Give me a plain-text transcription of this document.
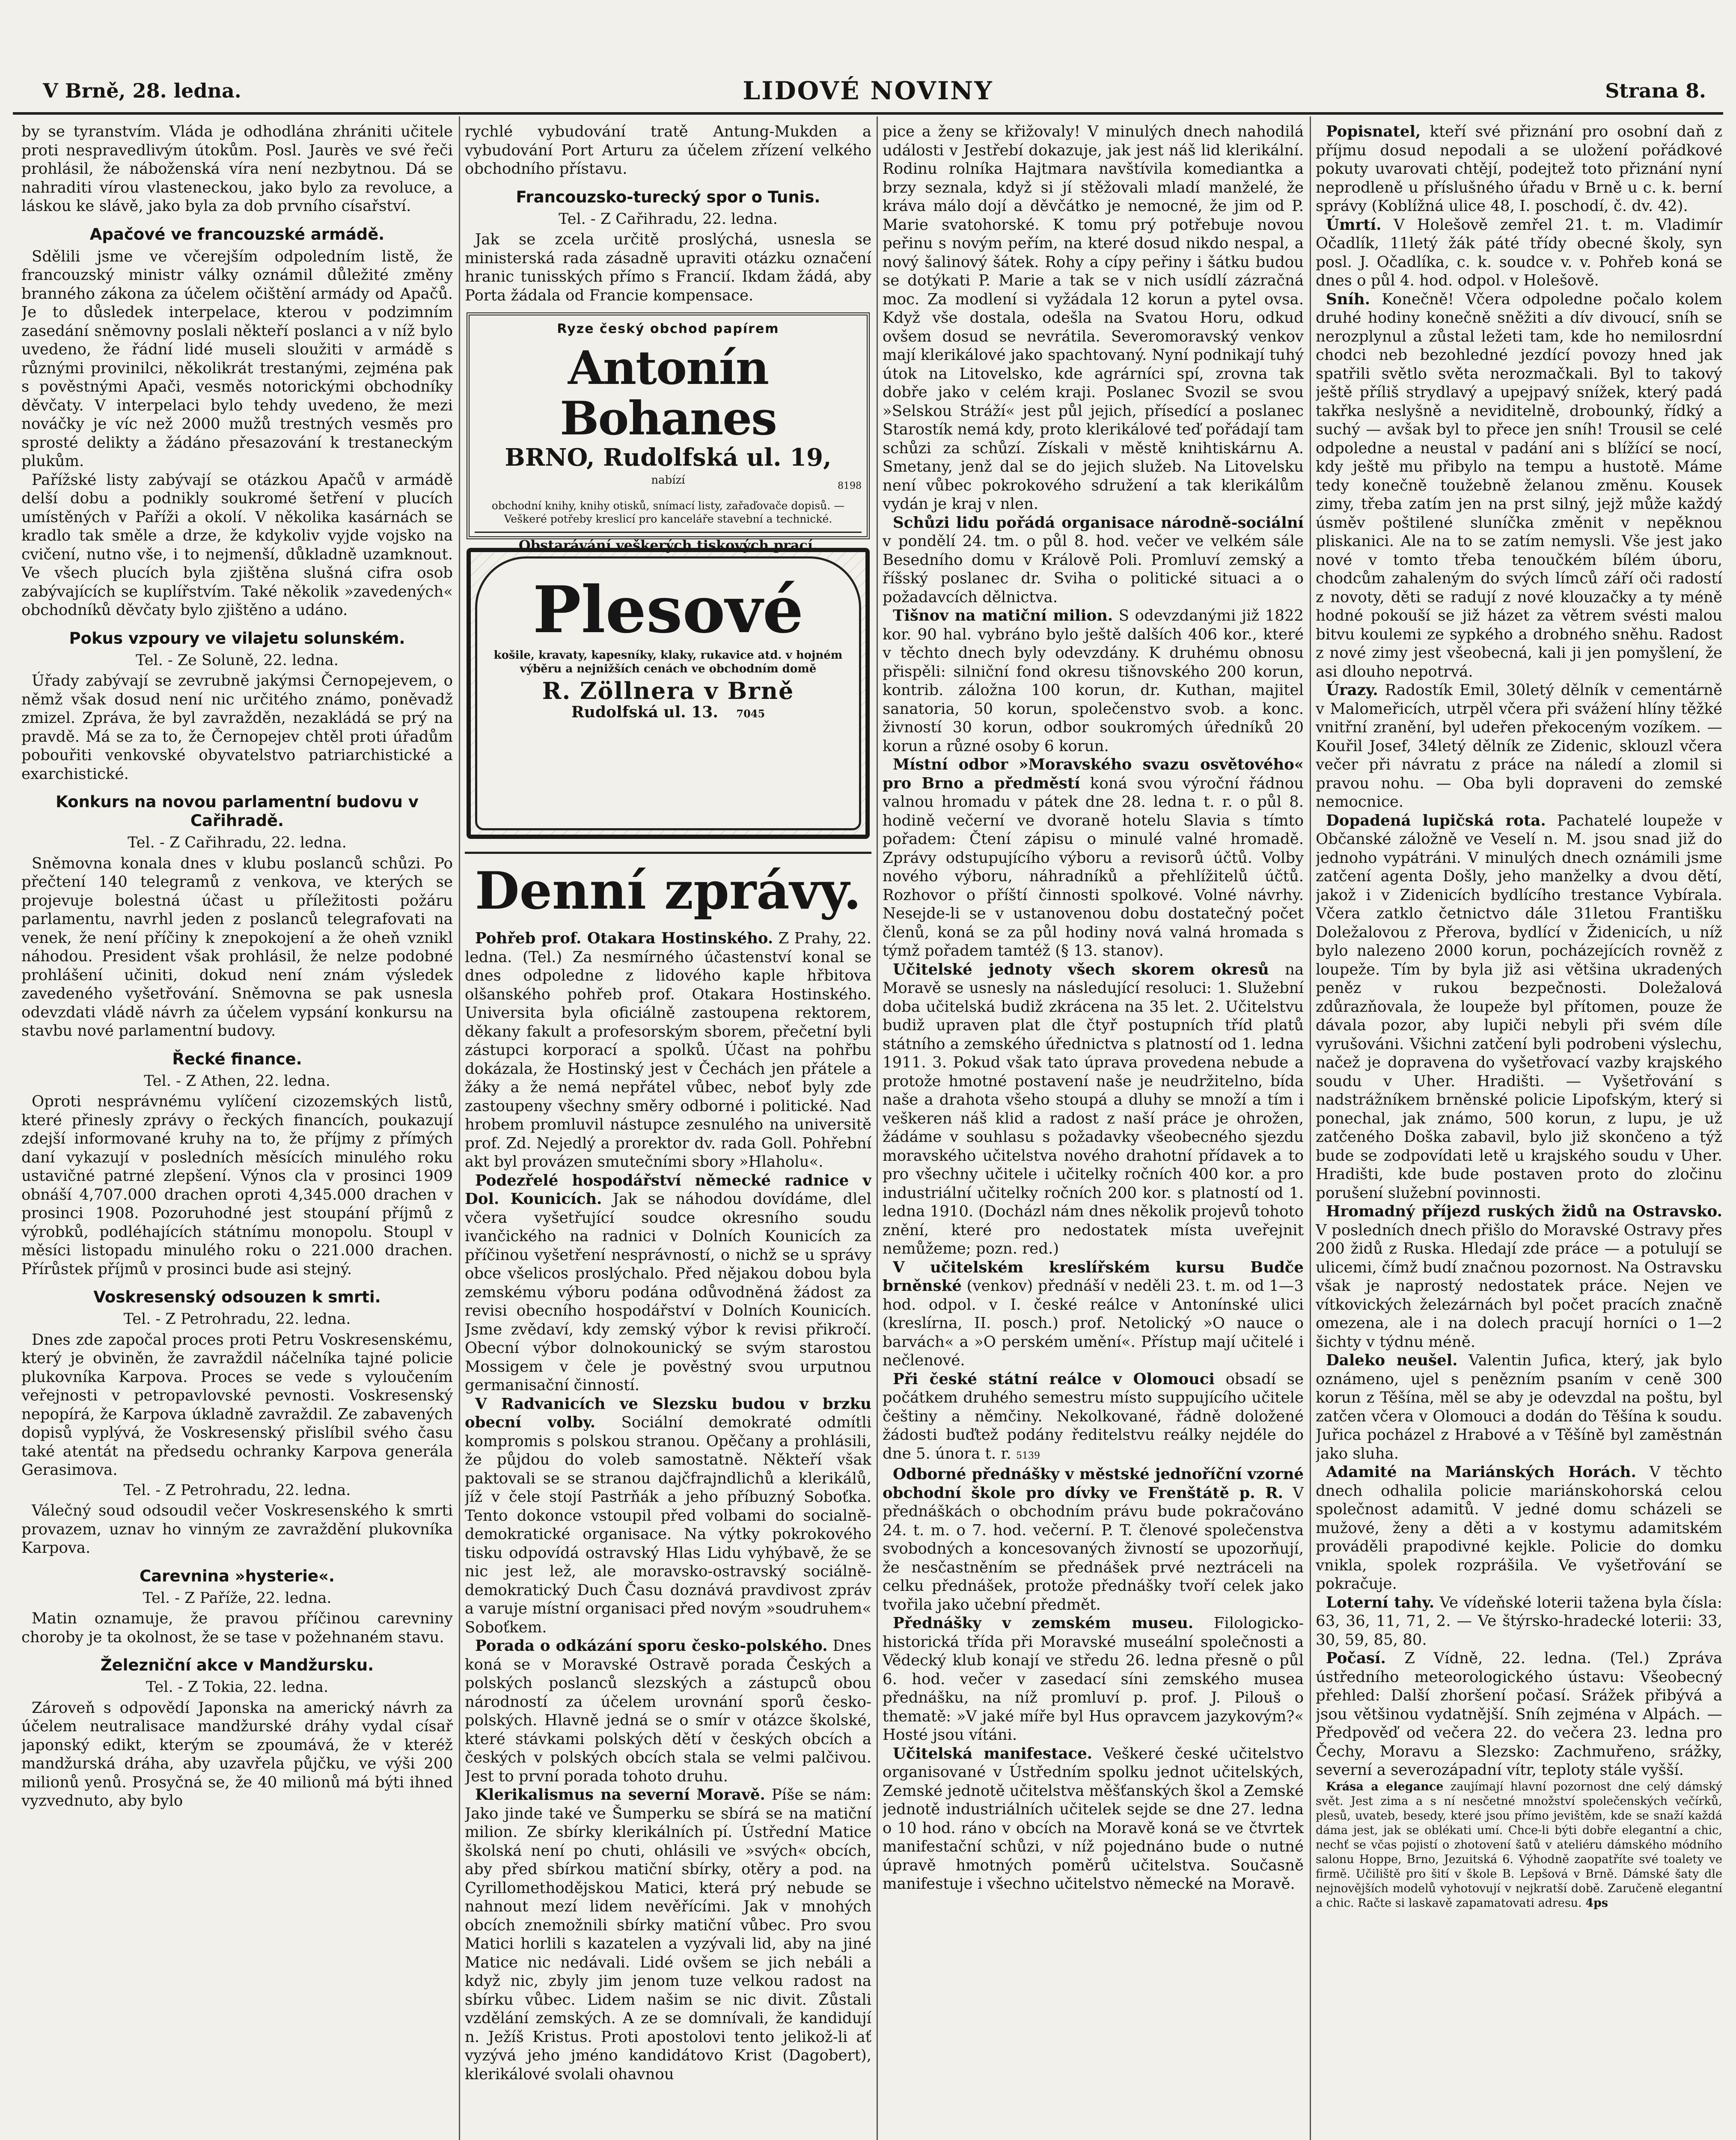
V Brně, 28. ledna.	LIDOVÉ NOVINY	Strana 8.

by se tyranstvím. Vláda je odhodlána zhrániti učitele proti nespravedlivým útokům. Posl. Jaurès ve své řeči prohlásil, že náboženská víra není nezbytnou. Dá se nahraditi vírou vlasteneckou, jako bylo za revoluce, a láskou ke slávě, jako byla za dob prvního císařství.

Apačové ve francouzské armádě.

Sdělili jsme ve včerejším odpoledním listě, že francouzský ministr války oznámil důležité změny branného zákona za účelem očištění armády od Apačů. Je to důsledek interpelace, kterou v podzimním zasedání sněmovny poslali někteří poslanci a v níž bylo uvedeno, že řádní lidé museli sloužiti v armádě s různými provinilci, několikrát trestanými, zejména pak s pověstnými Apači, vesměs notorickými obchodníky děvčaty. V interpelaci bylo tehdy uvedeno, že mezi nováčky je víc než 2000 mužů trestných vesměs pro sprosté delikty a žádáno přesazování k trestaneckým plukům.

Pařížské listy zabývají se otázkou Apačů v armádě delší dobu a podnikly soukromé šetření v plucích umístěných v Paříži a okolí. V několika kasárnách se kradlo tak směle a drze, že kdykoliv vyjde vojsko na cvičení, nutno vše, i to nejmenší, důkladně uzamknout. Ve všech plucích byla zjištěna slušná cifra osob zabývajících se kuplířstvím. Také několik »zavedených« obchodníků děvčaty bylo zjištěno a udáno.

Pokus vzpoury ve vilajetu solunském.
Tel. - Ze Soluně, 22. ledna.

Úřady zabývají se zevrubně jakýmsi Černopejevem, o němž však dosud není nic určitého známo, poněvadž zmizel. Zpráva, že byl zavražděn, nezakládá se prý na pravdě. Má se za to, že Černopejev chtěl proti úřadům pobouřiti venkovské obyvatelstvo patriarchistické a exarchistické.

Konkurs na novou parlamentní budovu v Cařihradě.
Tel. - Z Cařihradu, 22. ledna.

Sněmovna konala dnes v klubu poslanců schůzi. Po přečtení 140 telegramů z venkova, ve kterých se projevuje bolestná účast u příležitosti požáru parlamentu, navrhl jeden z poslanců telegrafovati na venek, že není příčiny k znepokojení a že oheň vznikl náhodou. President však prohlásil, že nelze podobné prohlášení učiniti, dokud není znám výsledek zavedeného vyšetřování. Sněmovna se pak usnesla odevzdati vládě návrh za účelem vypsání konkursu na stavbu nové parlamentní budovy.

Řecké finance.
Tel. - Z Athen, 22. ledna.

Oproti nesprávnému vylíčení cizozemských listů, které přinesly zprávy o řeckých financích, poukazují zdejší informované kruhy na to, že příjmy z přímých daní vykazují v posledních měsících minulého roku ustavičné patrné zlepšení. Výnos cla v prosinci 1909 obnáší 4,707.000 drachen oproti 4,345.000 drachen v prosinci 1908. Pozoruhodné jest stoupání příjmů z výrobků, podléhajících státnímu monopolu. Stoupl v měsíci listopadu minulého roku o 221.000 drachen. Přírůstek příjmů v prosinci bude asi stejný.

Voskresenský odsouzen k smrti.
Tel. - Z Petrohradu, 22. ledna.

Dnes zde započal proces proti Petru Voskresenskému, který je obviněn, že zavraždil náčelníka tajné policie plukovníka Karpova. Proces se vede s vyloučením veřejnosti v petropavlovské pevnosti. Voskresenský nepopírá, že Karpova úkladně zavraždil. Ze zabavených dopisů vyplývá, že Voskresenský přislíbil svého času také atentát na předsedu ochranky Karpova generála Gerasimova.

Tel. - Z Petrohradu, 22. ledna.

Válečný soud odsoudil večer Voskresenského k smrti provazem, uznav ho vinným ze zavraždění plukovníka Karpova.

Carevnina »hysterie«.
Tel. - Z Paříže, 22. ledna.

Matin oznamuje, že pravou příčinou carevniny choroby je ta okolnost, že se tase v požehnaném stavu.

Železniční akce v Mandžursku.
Tel. - Z Tokia, 22. ledna.

Zároveň s odpovědí Japonska na americký návrh za účelem neutralisace mandžurské dráhy vydal císař japonský edikt, kterým se zpoumává, že v kteréž mandžurská dráha, aby uzavřela půjčku, ve výši 200 milionů yenů. Prosyčná se, že 40 milionů má býti ihned vyzvednuto, aby bylo

rychlé vybudování tratě Antung-Mukden a vybudování Port Arturu za účelem zřízení velkého obchodního přístavu.

Francouzsko-turecký spor o Tunis.
Tel. - Z Cařihradu, 22. ledna.

Jak se zcela určitě proslýchá, usnesla se ministerská rada zásadně upraviti otázku označení hranic tunisských přímo s Francií. Ikdam žádá, aby Porta žádala od Francie kompensace.

Ryze český obchod papírem
Antonín Bohanes
BRNO, Rudolfská ul. 19,
nabízí	8198
obchodní knihy, knihy otisků, snímací listy, zařaďovače dopisů. — Veškeré potřeby kreslicí pro kanceláře stavební a technické.
Obstarávání veškerých tiskových prací.
Plesové
košile, kravaty, kapesníky, klaky, rukavice atd. v hojném výběru a nejnižších cenách ve obchodním domě
R. Zöllnera v Brně
Rudolfská ul. 13. 7045
Denní zprávy.

Pohřeb prof. Otakara Hostinského. Z Prahy, 22. ledna. (Tel.) Za nesmírného účastenství konal se dnes odpoledne z lidového kaple hřbitova olšanského pohřeb prof. Otakara Hostinského. Universita byla oficiálně zastoupena rektorem, děkany fakult a profesorským sborem, přečetní byli zástupci korporací a spolků. Účast na pohřbu dokázala, že Hostinský jest v Čechách jen přátele a žáky a že nemá nepřátel vůbec, neboť byly zde zastoupeny všechny směry odborné i politické. Nad hrobem promluvil nástupce zesnulého na universitě prof. Zd. Nejedlý a prorektor dv. rada Goll. Pohřební akt byl provázen smutečními sbory »Hlaholu«.

Podezřelé hospodářství německé radnice v Dol. Kounicích. Jak se náhodou dovídáme, dlel včera vyšetřující soudce okresního soudu ivančického na radnici v Dolních Kounicích za příčinou vyšetření nesprávností, o nichž se u správy obce všelicos proslýchalo. Před nějakou dobou byla zemskému výboru podána odůvodněná žádost za revisi obecního hospodářství v Dolních Kounicích. Jsme zvědaví, kdy zemský výbor k revisi přikročí. Obecní výbor dolnokounický se svým starostou Mossigem v čele je pověstný svou urputnou germanisační činností.

V Radvanicích ve Slezsku budou v brzku obecní volby. Sociální demokraté odmítli kompromis s polskou stranou. Opěčany a prohlásili, že půjdou do voleb samostatně. Někteří však paktovali se se stranou dajčfrajndlichů a klerikálů, jíž v čele stojí Pastrňák a jeho příbuzný Soboťka. Tento dokonce vstoupil před volbami do socialně-demokratické organisace. Na výtky pokrokového tisku odpovídá ostravský Hlas Lidu vyhýbavě, že se nic jest lež, ale moravsko-ostravský sociálně-demokratický Duch Času doznává pravdivost zpráv a varuje místní organisaci před novým »soudruhem« Soboťkem.

Porada o odkázání sporu česko-polského. Dnes koná se v Moravské Ostravě porada Českých a polských poslanců slezských a zástupců obou národností za účelem urovnání sporů česko-polských. Hlavně jedná se o smír v otázce školské, které stávkami polských dětí v českých obcích a českých v polských obcích stala se velmi palčivou. Jest to první porada tohoto druhu.

Klerikalismus na severní Moravě. Píše se nám: Jako jinde také ve Šumperku se sbírá se na matiční milion. Ze sbírky klerikálních pí. Ústřední Matice školská není po chuti, ohlásili ve »svých« obcích, aby před sbírkou matiční sbírky, otěry a pod. na Cyrillomethodějskou Matici, která prý nebude se nahnout mezí lidem nevěřícími. Jak v mnohých obcích znemožnili sbírky matiční vůbec. Pro svou Matici horlili s kazatelen a vyzývali lid, aby na jiné Matice nic nedávali. Lidé ovšem se jich nebáli a když nic, zbyly jim jenom tuze velkou radost na sbírku vůbec. Lidem našim se nic divit. Zůstali vzdělání zemských. A ze se domnívali, že kandidují n. Ježíš Kristus. Proti apostolovi tento jelikož-li ať vyzývá jeho jméno kandidátovo Krist (Dagobert), klerikálové svolali ohavnou

pice a ženy se křižovaly! V minulých dnech nahodilá události v Jestřebí dokazuje, jak jest náš lid klerikální. Rodinu rolníka Hajtmara navštívila komediantka a brzy seznala, když si jí stěžovali mladí manželé, že kráva málo dojí a děvčátko je nemocné, že jim od P. Marie svatohorské. K tomu prý potřebuje novou peřinu s novým peřím, na které dosud nikdo nespal, a nový šalinový šátek. Rohy a cípy peřiny i šátku budou se dotýkati P. Marie a tak se v nich usídlí zázračná moc. Za modlení si vyžádala 12 korun a pytel ovsa. Když vše dostala, odešla na Svatou Horu, odkud ovšem dosud se nevrátila. Severomoravský venkov mají klerikálové jako spachtovaný. Nyní podnikají tuhý útok na Litovelsko, kde agrárníci spí, zrovna tak dobře jako v celém kraji. Poslanec Svozil se svou »Selskou Stráží« jest půl jejich, přísedící a poslanec Starostík nemá kdy, proto klerikálové teď pořádají tam schůzi za schůzí. Získali v městě knihtiskárnu A. Smetany, jenž dal se do jejich služeb. Na Litovelsku není vůbec pokrokového sdružení a tak klerikálům vydán je kraj v nlen.

Schůzi lidu pořádá organisace národně-sociální v pondělí 24. tm. o půl 8. hod. večer ve velkém sále Besedního domu v Králově Poli. Promluví zemský a říšský poslanec dr. Sviha o politické situaci a o požadavcích dělnictva.

Tišnov na matiční milion. S odevzdanými již 1822 kor. 90 hal. vybráno bylo ještě dalších 406 kor., které v těchto dnech byly odevzdány. K druhému obnosu přispěli: silniční fond okresu tišnovského 200 korun, kontrib. záložna 100 korun, dr. Kuthan, majitel sanatoria, 50 korun, společenstvo svob. a konc. živností 30 korun, odbor soukromých úředníků 20 korun a různé osoby 6 korun.

Místní odbor »Moravského svazu osvětového« pro Brno a předměstí koná svou výroční řádnou valnou hromadu v pátek dne 28. ledna t. r. o půl 8. hodině večerní ve dvoraně hotelu Slavia s tímto pořadem: Čtení zápisu o minulé valné hromadě. Zprávy odstupujícího výboru a revisorů účtů. Volby nového výboru, náhradníků a přehlížitelů účtů. Rozhovor o příští činnosti spolkové. Volné návrhy. Nesejde-li se v ustanovenou dobu dostatečný počet členů, koná se za půl hodiny nová valná hromada s týmž pořadem tamtéž (§ 13. stanov).

Učitelské jednoty všech skorem okresů na Moravě se usnesly na následující resoluci: 1. Služební doba učitelská budiž zkrácena na 35 let. 2. Učitelstvu budiž upraven plat dle čtyř postupních tříd platů státního a zemského úřednictva s platností od 1. ledna 1911. 3. Pokud však tato úprava provedena nebude a protože hmotné postavení naše je neudržitelno, bída naše a drahota všeho stoupá a dluhy se množí a tím i veškeren náš klid a radost z naší práce je ohrožen, žádáme v souhlasu s požadavky všeobecného sjezdu moravského učitelstva nového drahotní přídavek a to pro všechny učitele i učitelky ročních 400 kor. a pro industriální učitelky ročních 200 kor. s platností od 1. ledna 1910. (Docházl nám dnes několik projevů tohoto znění, které pro nedostatek místa uveřejnit nemůžeme; pozn. red.)

V učitelském kreslířském kursu Budče brněnské (venkov) přednáší v neděli 23. t. m. od 1—3 hod. odpol. v I. české reálce v Antonínské ulici (kreslírna, II. posch.) prof. Netolický »O nauce o barvách« a »O perském umění«. Přístup mají učitelé i nečlenové.

Při české státní reálce v Olomouci obsadí se počátkem druhého semestru místo suppujícího učitele češtiny a němčiny. Nekolkované, řádně doložené žádosti buďtež podány ředitelstvu reálky nejdéle do dne 5. února t. r. 5139

Odborné přednášky v městské jednoříční vzorné obchodní škole pro dívky ve Frenštátě p. R. V přednáškách o obchodním právu bude pokračováno 24. t. m. o 7. hod. večerní. P. T. členové společenstva svobodných a koncesovaných živností se upozorňují, že nesčastněním se přednášek prvé neztráceli na celku přednášek, protože přednášky tvoří celek jako tvořila jako učební předmět.

Přednášky v zemském museu. Filologicko-historická třída při Moravské museální společnosti a Vědecký klub konají ve středu 26. ledna přesně o půl 6. hod. večer v zasedací síni zemského musea přednášku, na níž promluví p. prof. J. Pilouš o thematě: »V jaké míře byl Hus opravcem jazykovým?« Hosté jsou vítáni.

Učitelská manifestace. Veškeré české učitelstvo organisované v Ústředním spolku jednot učitelských, Zemské jednotě učitelstva měšťanských škol a Zemské jednotě industriálních učitelek sejde se dne 27. ledna o 10 hod. ráno v obcích na Moravě koná se ve čtvrtek manifestační schůzi, v níž pojednáno bude o nutné úpravě hmotných poměrů učitelstva. Současně manifestuje i všechno učitelstvo německé na Moravě.

Popisnatel, kteří své přiznání pro osobní daň z příjmu dosud nepodali a se uložení pořádkové pokuty uvarovati chtějí, podejtež toto přiznání nyní neprodleně u příslušného úřadu v Brně u c. k. berní správy (Koblížná ulice 48, I. poschodí, č. dv. 42).

Úmrtí. V Holešově zemřel 21. t. m. Vladimír Očadlík, 11letý žák páté třídy obecné školy, syn posl. J. Očadlíka, c. k. soudce v. v. Pohřeb koná se dnes o půl 4. hod. odpol. v Holešově.

Sníh. Konečně! Včera odpoledne počalo kolem druhé hodiny konečně sněžiti a dív divoucí, sníh se nerozplynul a zůstal ležeti tam, kde ho nemilosrdní chodci neb bezohledné jezdící povozy hned jak spatřili světlo světa nerozmačkali. Byl to takový ještě příliš strydlavý a upejpavý snížek, který padá takřka neslyšně a neviditelně, drobounký, řídký a suchý — avšak byl to přece jen sníh! Trousil se celé odpoledne a neustal v padání ani s blížící se nocí, kdy ještě mu přibylo na tempu a hustotě. Máme tedy konečně toužebně želanou změnu. Kousek zimy, třeba zatím jen na prst silný, jejž může každý úsměv poštilené sluníčka změnit v nepěknou pliskanici. Ale na to se zatím nemysli. Vše jest jako nové v tomto třeba tenoučkém bílém úboru, chodcům zahaleným do svých límců září oči radostí z novoty, děti se radují z nové klouzačky a ty méně hodné pokouší se již házet za větrem svésti malou bitvu koulemi ze sypkého a drobného sněhu. Radost z nové zimy jest všeobecná, kali ji jen pomyšlení, že asi dlouho nepotrvá.

Úrazy. Radostík Emil, 30letý dělník v cementárně v Malomeřicích, utrpěl včera při svážení hlíny těžké vnitřní zranění, byl udeřen překoceným vozíkem. — Kouřil Josef, 34letý dělník ze Zidenic, sklouzl včera večer při návratu z práce na náledí a zlomil si pravou nohu. — Oba byli dopraveni do zemské nemocnice.

Dopadená lupičská rota. Pachatelé loupeže v Občanské záložně ve Veselí n. M. jsou snad již do jednoho vypátráni. V minulých dnech oznámili jsme zatčení agenta Došly, jeho manželky a dvou dětí, jakož i v Zidenicích bydlícího trestance Vybírala. Včera zatklo četnictvo dále 31letou Františku Doležalovou z Přerova, bydlící v Židenicích, u níž bylo nalezeno 2000 korun, pocházejících rovněž z loupeže. Tím by byla již asi většina ukradených peněz v rukou bezpečnosti. Doležalová zdůrazňovala, že loupeže byl přítomen, pouze že dávala pozor, aby lupiči nebyli při svém díle vyrušováni. Všichni zatčení byli podrobeni výslechu, načež je dopravena do vyšetřovací vazby krajského soudu v Uher. Hradišti. — Vyšetřování s nadstrážníkem brněnské policie Lipofským, který si ponechal, jak známo, 500 korun, z lupu, je už zatčeného Doška zabavil, bylo již skončeno a týž bude se zodpovídati letě u krajského soudu v Uher. Hradišti, kde bude postaven proto do zločinu porušení služební povinnosti.

Hromadný příjezd ruských židů na Ostravsko. V posledních dnech přišlo do Moravské Ostravy přes 200 židů z Ruska. Hledají zde práce — a potulují se ulicemi, čímž budí značnou pozornost. Na Ostravsku však je naprostý nedostatek práce. Nejen ve vítkovických železárnách byl počet pracích značně omezena, ale i na dolech pracují horníci o 1—2 šichty v týdnu méně.

Daleko neušel. Valentin Jufica, který, jak bylo oznámeno, ujel s penězním psaním v ceně 300 korun z Těšína, měl se aby je odevzdal na poštu, byl zatčen včera v Olomouci a dodán do Těšína k soudu. Juřica pocházel z Hrabové a v Těšíně byl zaměstnán jako sluha.

Adamité na Mariánských Horách. V těchto dnech odhalila policie mariánskohorská celou společnost adamitů. V jedné domu scházeli se mužové, ženy a děti a v kostymu adamitském prováděli prapodivné kejkle. Policie do domku vnikla, spolek rozprášila. Ve vyšetřování se pokračuje.

Loterní tahy. Ve vídeňské loterii tažena byla čísla: 63, 36, 11, 71, 2. — Ve štýrsko-hradecké loterii: 33, 30, 59, 85, 80.

Počasí. Z Vídně, 22. ledna. (Tel.) Zpráva ústředního meteorologického ústavu: Všeobecný přehled: Další zhoršení počasí. Srážek přibývá a jsou většinou vydatnější. Sníh zejména v Alpách. — Předpověď od večera 22. do večera 23. ledna pro Čechy, Moravu a Slezsko: Zachmuřeno, srážky, severní a severozápadní vítr, teploty stále vyšší.

Krása a elegance zaujímají hlavní pozornost dne celý dámský svět. Jest zima a s ní nesčetné množství společenských večírků, plesů, uvateb, besedy, které jsou přímo jevištěm, kde se snaží každá dáma jest, jak se oblékati umí. Chce-li býti dobře elegantní a chic, nechť se včas pojistí o zhotovení šatů v ateliéru dámského módního salonu Hoppe, Brno, Jezuitská 6. Výhodně zaopatříte své toalety ve firmě. Učiliště pro šití v škole B. Lepšová v Brně. Dámské šaty dle nejnovějších modelů vyhotovují v nejkratší době. Zaručeně elegantní a chic. Račte si laskavě zapamatovati adresu. 4ps
